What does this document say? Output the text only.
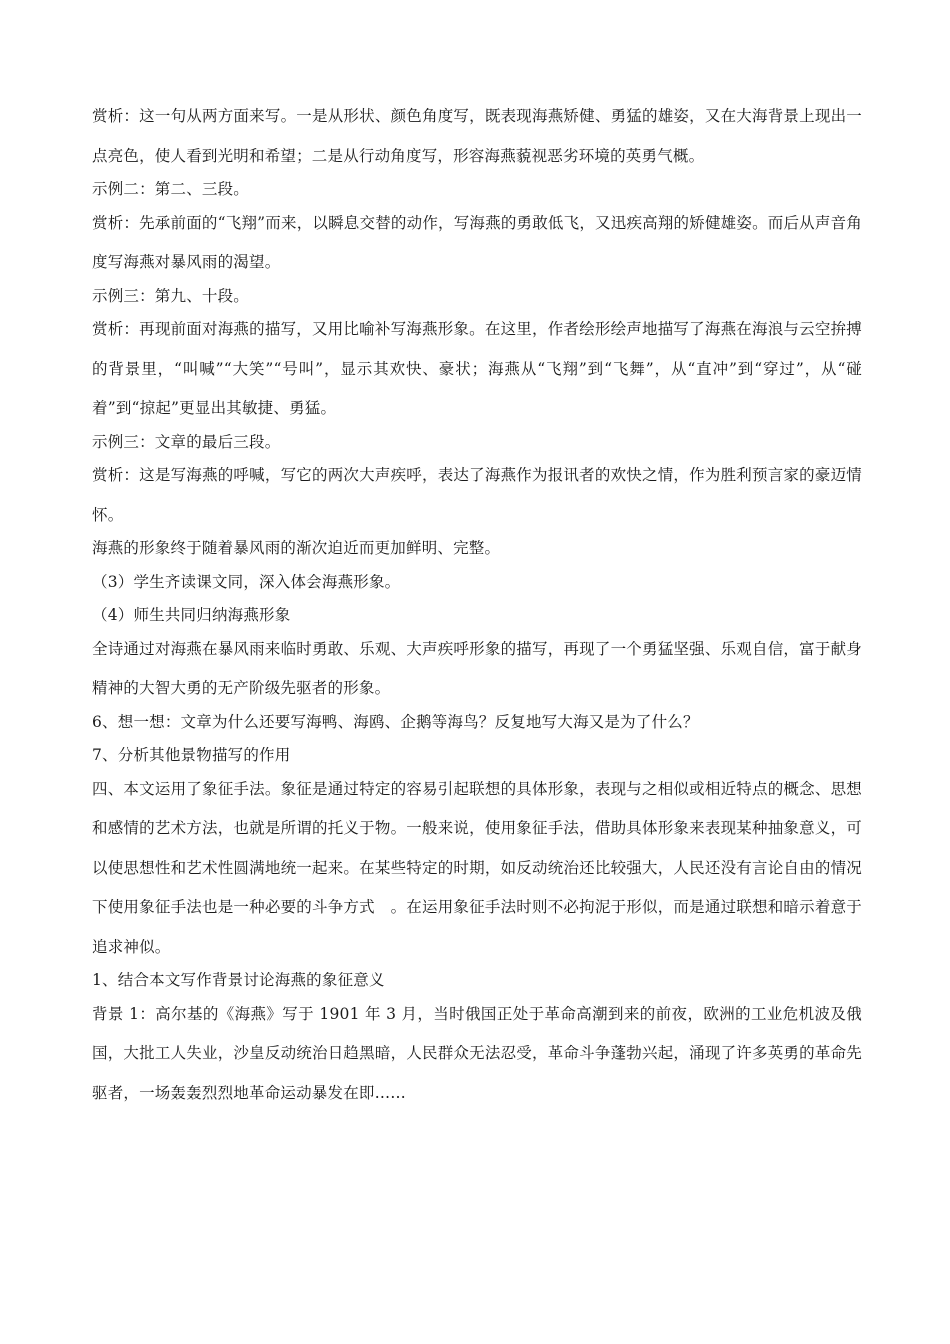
赏析：这一句从两方面来写。一是从形状、颜色角度写，既表现海燕矫健、勇猛的雄姿，又在大海背景上现出一点亮色，使人看到光明和希望；二是从行动角度写，形容海燕藐视恶劣环境的英勇气概。

示例二：第二、三段。

赏析：先承前面的“飞翔”而来，以瞬息交替的动作，写海燕的勇敢低飞，又迅疾高翔的矫健雄姿。而后从声音角度写海燕对暴风雨的渴望。

示例三：第九、十段。

赏析：再现前面对海燕的描写，又用比喻补写海燕形象。在这里，作者绘形绘声地描写了海燕在海浪与云空拚搏的背景里，“叫喊”“大笑”“号叫”，显示其欢快、豪状；海燕从“飞翔”到“飞舞”，从“直冲”到“穿过”，从“碰着”到“掠起”更显出其敏捷、勇猛。

示例三：文章的最后三段。

赏析：这是写海燕的呼喊，写它的两次大声疾呼，表达了海燕作为报讯者的欢快之情，作为胜利预言家的豪迈情怀。

海燕的形象终于随着暴风雨的渐次迫近而更加鲜明、完整。

（3）学生齐读课文同，深入体会海燕形象。

（4）师生共同归纳海燕形象

全诗通过对海燕在暴风雨来临时勇敢、乐观、大声疾呼形象的描写，再现了一个勇猛坚强、乐观自信，富于献身精神的大智大勇的无产阶级先驱者的形象。

6、想一想：文章为什么还要写海鸭、海鸥、企鹅等海鸟？反复地写大海又是为了什么？

7、分析其他景物描写的作用

四、本文运用了象征手法。象征是通过特定的容易引起联想的具体形象，表现与之相似或相近特点的概念、思想和感情的艺术方法，也就是所谓的托义于物。一般来说，使用象征手法，借助具体形象来表现某种抽象意义，可以使思想性和艺术性圆满地统一起来。在某些特定的时期，如反动统治还比较强大，人民还没有言论自由的情况下使用象征手法也是一种必要的斗争方式　。在运用象征手法时则不必拘泥于形似，而是通过联想和暗示着意于追求神似。

1、结合本文写作背景讨论海燕的象征意义

背景 1：高尔基的《海燕》写于 1901 年 3 月，当时俄国正处于革命高潮到来的前夜，欧洲的工业危机波及俄国，大批工人失业，沙皇反动统治日趋黑暗，人民群众无法忍受，革命斗争蓬勃兴起，涌现了许多英勇的革命先驱者，一场轰轰烈烈地革命运动暴发在即……
